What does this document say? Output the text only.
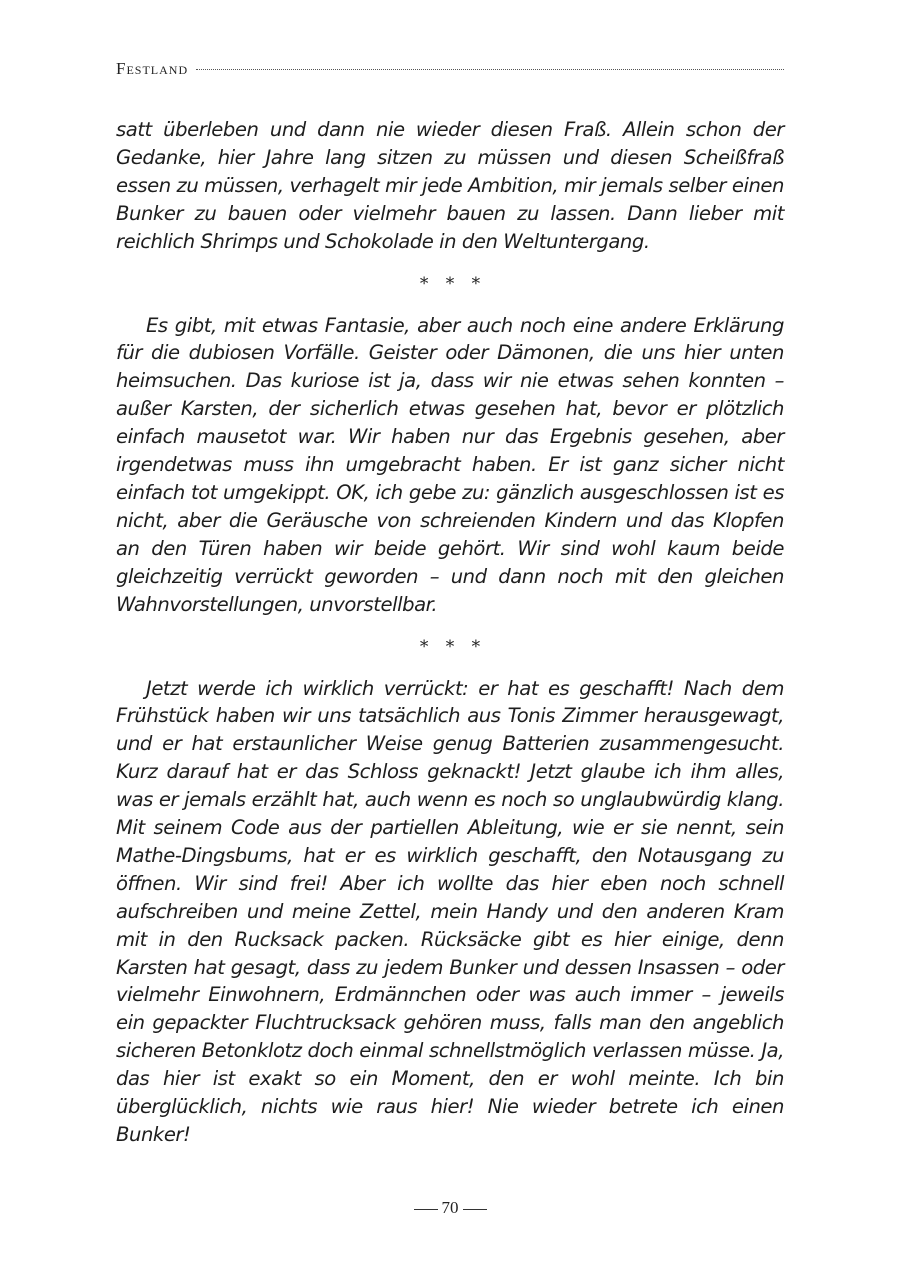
Festland

satt überleben und dann nie wieder diesen Fraß. Allein schon der Gedanke, hier Jahre lang sitzen zu müssen und diesen Scheißfraß essen zu müssen, verhagelt mir jede Ambition, mir jemals selber einen Bunker zu bauen oder vielmehr bauen zu lassen. Dann lieber mit reichlich Shrimps und Schokolade in den Weltuntergang.

* * *

Es gibt, mit etwas Fantasie, aber auch noch eine andere Erklärung für die dubiosen Vorfälle. Geister oder Dämonen, die uns hier unten heimsuchen. Das kuriose ist ja, dass wir nie etwas sehen konnten – außer Karsten, der sicherlich etwas gesehen hat, bevor er plötzlich einfach mausetot war. Wir haben nur das Ergebnis gesehen, aber irgendetwas muss ihn umgebracht haben. Er ist ganz sicher nicht einfach tot umgekippt. OK, ich gebe zu: gänzlich ausgeschlossen ist es nicht, aber die Geräusche von schreienden Kindern und das Klopfen an den Türen haben wir beide gehört. Wir sind wohl kaum beide gleichzeitig verrückt geworden – und dann noch mit den gleichen Wahnvorstellungen, unvorstellbar.

* * *

Jetzt werde ich wirklich verrückt: er hat es geschafft! Nach dem Frühstück haben wir uns tatsächlich aus Tonis Zimmer herausgewagt, und er hat erstaunlicher Weise genug Batterien zusammengesucht. Kurz darauf hat er das Schloss geknackt! Jetzt glaube ich ihm alles, was er jemals erzählt hat, auch wenn es noch so unglaubwürdig klang. Mit seinem Code aus der partiellen Ableitung, wie er sie nennt, sein Mathe-Dingsbums, hat er es wirklich geschafft, den Notausgang zu öffnen. Wir sind frei! Aber ich wollte das hier eben noch schnell aufschreiben und meine Zettel, mein Handy und den anderen Kram mit in den Rucksack packen. Rücksäcke gibt es hier einige, denn Karsten hat gesagt, dass zu jedem Bunker und dessen Insassen – oder vielmehr Einwohnern, Erdmännchen oder was auch immer – jeweils ein gepackter Fluchtrucksack gehören muss, falls man den angeblich sicheren Betonklotz doch einmal schnellstmöglich verlassen müsse. Ja, das hier ist exakt so ein Moment, den er wohl meinte. Ich bin überglücklich, nichts wie raus hier! Nie wieder betrete ich einen Bunker!

70
